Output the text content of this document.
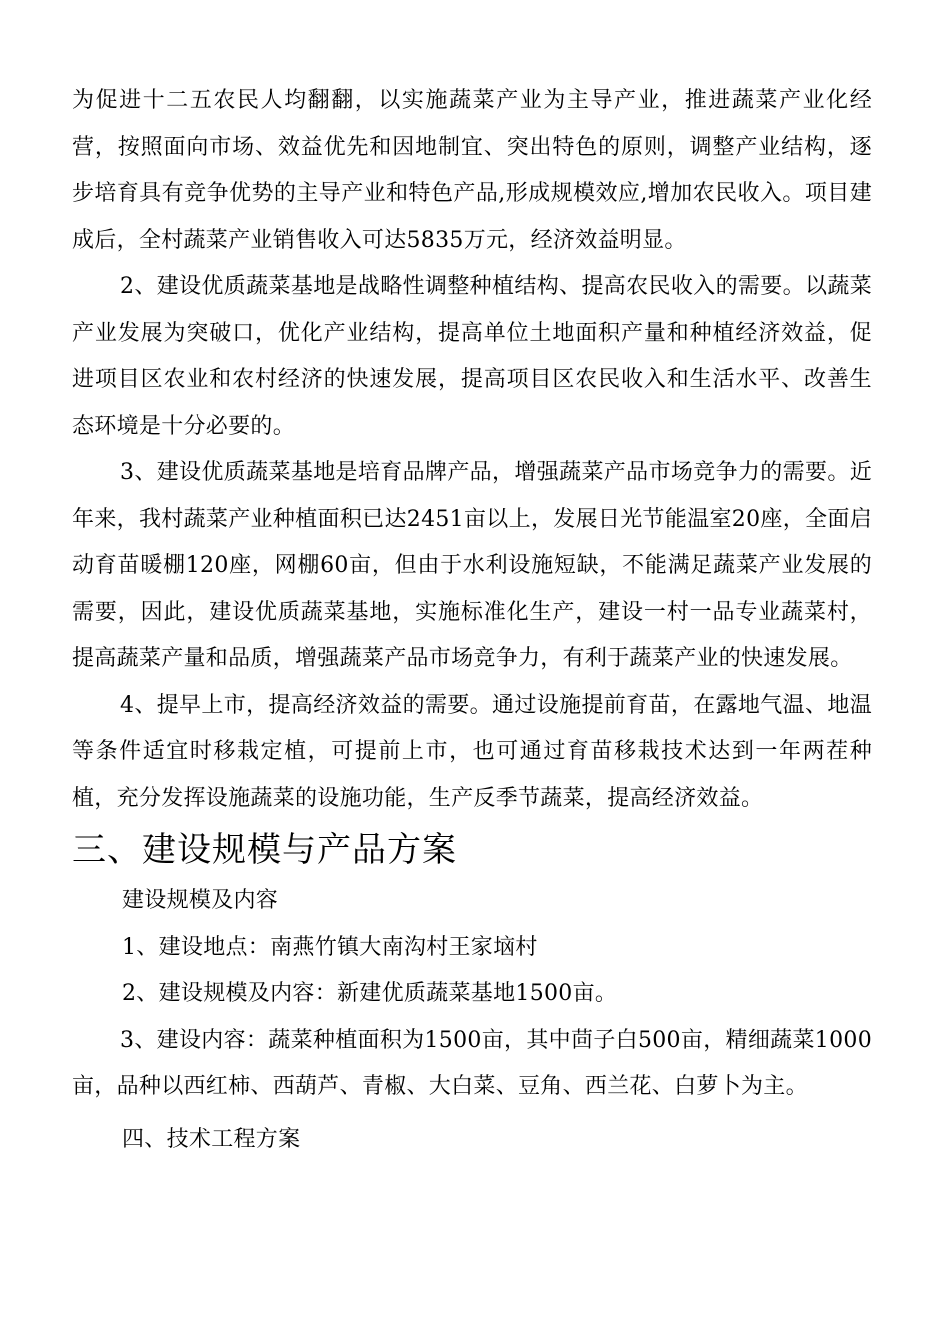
为促进十二五农民人均翻翻，以实施蔬菜产业为主导产业，推进蔬菜产业化经营，按照面向市场、效益优先和因地制宜、突出特色的原则，调整产业结构，逐步培育具有竞争优势的主导产业和特色产品,形成规模效应,增加农民收入。项目建成后，全村蔬菜产业销售收入可达5835万元，经济效益明显。

2、建设优质蔬菜基地是战略性调整种植结构、提高农民收入的需要。以蔬菜产业发展为突破口，优化产业结构，提高单位土地面积产量和种植经济效益，促进项目区农业和农村经济的快速发展，提高项目区农民收入和生活水平、改善生态环境是十分必要的。

3、建设优质蔬菜基地是培育品牌产品，增强蔬菜产品市场竞争力的需要。近年来，我村蔬菜产业种植面积已达2451亩以上，发展日光节能温室20座，全面启动育苗暖棚120座，网棚60亩，但由于水利设施短缺，不能满足蔬菜产业发展的需要，因此，建设优质蔬菜基地，实施标准化生产，建设一村一品专业蔬菜村，提高蔬菜产量和品质，增强蔬菜产品市场竞争力，有利于蔬菜产业的快速发展。

4、提早上市，提高经济效益的需要。通过设施提前育苗，在露地气温、地温等条件适宜时移栽定植，可提前上市，也可通过育苗移栽技术达到一年两茬种植，充分发挥设施蔬菜的设施功能，生产反季节蔬菜，提高经济效益。

三、建设规模与产品方案

建设规模及内容

1、建设地点：南燕竹镇大南沟村王家垴村

2、建设规模及内容：新建优质蔬菜基地1500亩。

3、建设内容：蔬菜种植面积为1500亩，其中茴子白500亩，精细蔬菜1000亩，品种以西红柿、西葫芦、青椒、大白菜、豆角、西兰花、白萝卜为主。

四、技术工程方案
